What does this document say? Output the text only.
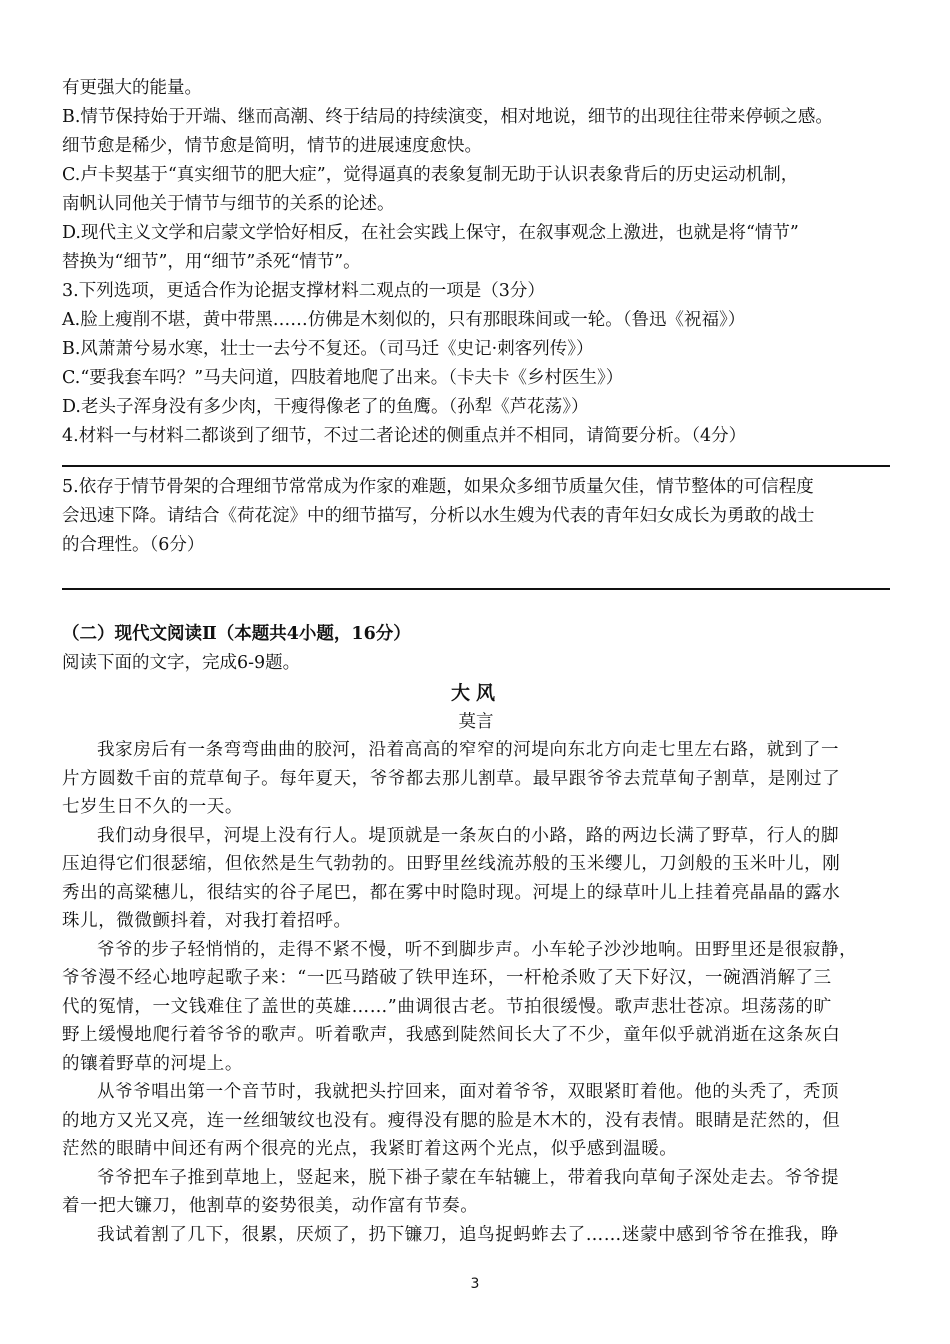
有更强大的能量。
B.情节保持始于开端、继而高潮、终于结局的持续演变，相对地说，细节的出现往往带来停顿之感。
细节愈是稀少，情节愈是简明，情节的进展速度愈快。
C.卢卡契基于“真实细节的肥大症”，觉得逼真的表象复制无助于认识表象背后的历史运动机制，
南帆认同他关于情节与细节的关系的论述。
D.现代主义文学和启蒙文学恰好相反，在社会实践上保守，在叙事观念上激进，也就是将“情节”
替换为“细节”，用“细节”杀死“情节”。
3.下列选项，更适合作为论据支撑材料二观点的一项是（3分）
A.脸上瘦削不堪，黄中带黑……仿佛是木刻似的，只有那眼珠间或一轮。（鲁迅《祝福》）
B.风萧萧兮易水寒，壮士一去兮不复还。（司马迁《史记·刺客列传》）
C.“要我套车吗？”马夫问道，四肢着地爬了出来。（卡夫卡《乡村医生》）
D.老头子浑身没有多少肉，干瘦得像老了的鱼鹰。（孙犁《芦花荡》）
4.材料一与材料二都谈到了细节，不过二者论述的侧重点并不相同，请简要分析。（4分）
5.依存于情节骨架的合理细节常常成为作家的难题，如果众多细节质量欠佳，情节整体的可信程度
会迅速下降。请结合《荷花淀》中的细节描写，分析以水生嫂为代表的青年妇女成长为勇敢的战士
的合理性。（6分）
（二）现代文阅读Ⅱ（本题共4小题，16分）
阅读下面的文字，完成6-9题。
大风
莫言
我家房后有一条弯弯曲曲的胶河，沿着高高的窄窄的河堤向东北方向走七里左右路，就到了一
片方圆数千亩的荒草甸子。每年夏天，爷爷都去那儿割草。最早跟爷爷去荒草甸子割草，是刚过了
七岁生日不久的一天。
我们动身很早，河堤上没有行人。堤顶就是一条灰白的小路，路的两边长满了野草，行人的脚
压迫得它们很瑟缩，但依然是生气勃勃的。田野里丝线流苏般的玉米缨儿，刀剑般的玉米叶儿，刚
秀出的高粱穗儿，很结实的谷子尾巴，都在雾中时隐时现。河堤上的绿草叶儿上挂着亮晶晶的露水
珠儿，微微颤抖着，对我打着招呼。
爷爷的步子轻悄悄的，走得不紧不慢，听不到脚步声。小车轮子沙沙地响。田野里还是很寂静，
爷爷漫不经心地哼起歌子来：“一匹马踏破了铁甲连环，一杆枪杀败了天下好汉，一碗酒消解了三
代的冤情，一文钱难住了盖世的英雄……”曲调很古老。节拍很缓慢。歌声悲壮苍凉。坦荡荡的旷
野上缓慢地爬行着爷爷的歌声。听着歌声，我感到陡然间长大了不少，童年似乎就消逝在这条灰白
的镶着野草的河堤上。
从爷爷唱出第一个音节时，我就把头拧回来，面对着爷爷，双眼紧盯着他。他的头秃了，秃顶
的地方又光又亮，连一丝细皱纹也没有。瘦得没有腮的脸是木木的，没有表情。眼睛是茫然的，但
茫然的眼睛中间还有两个很亮的光点，我紧盯着这两个光点，似乎感到温暖。
爷爷把车子推到草地上，竖起来，脱下褂子蒙在车轱辘上，带着我向草甸子深处走去。爷爷提
着一把大镰刀，他割草的姿势很美，动作富有节奏。
我试着割了几下，很累，厌烦了，扔下镰刀，追鸟捉蚂蚱去了……迷蒙中感到爷爷在推我，睁
3
